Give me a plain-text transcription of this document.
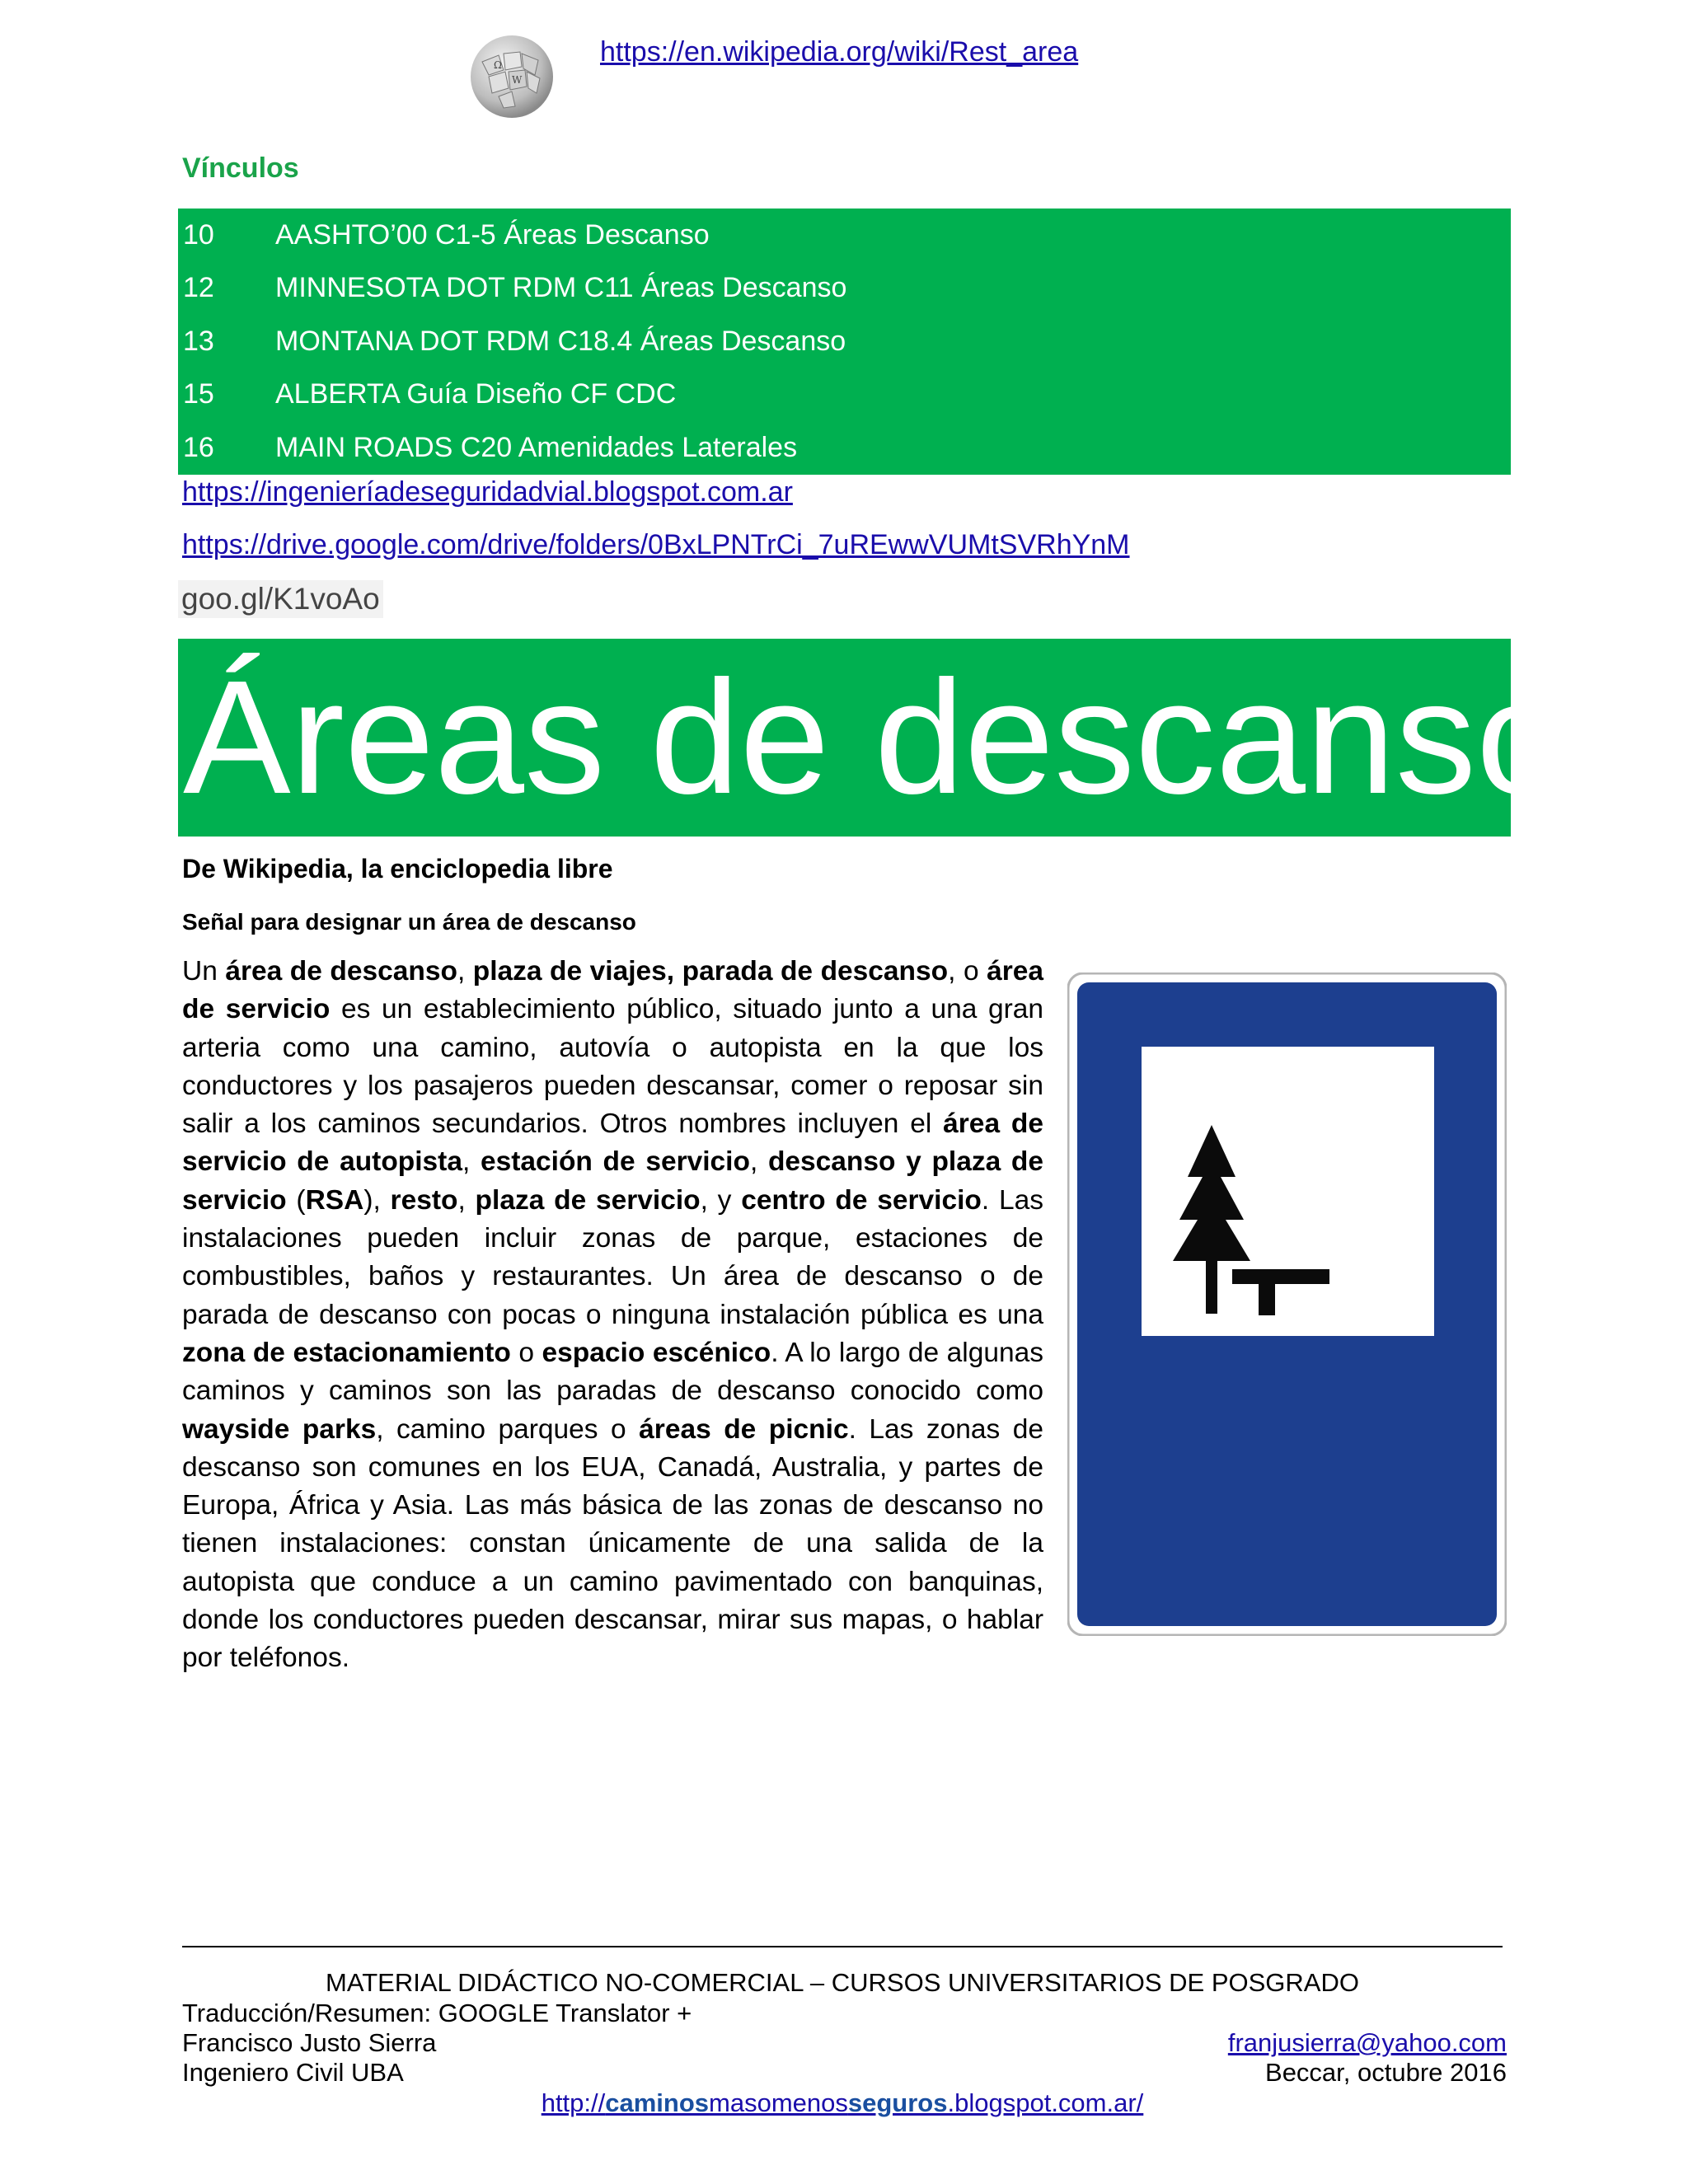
Ω
W
https://en.wikipedia.org/wiki/Rest_area
Vínculos
10	AASHTO’00 C1-5 Áreas Descanso
12	MINNESOTA DOT RDM C11 Áreas Descanso
13	MONTANA DOT RDM C18.4 Áreas Descanso
15	ALBERTA Guía Diseño CF CDC
16	MAIN ROADS C20 Amenidades Laterales
https://ingenieríadeseguridadvial.blogspot.com.ar
https://drive.google.com/drive/folders/0BxLPNTrCi_7uREwwVUMtSVRhYnM
goo.gl/K1voAo
Áreas de descanso
De Wikipedia, la enciclopedia libre
Señal para designar un área de descanso
Un área de descanso, plaza de viajes, parada de descanso, o área de servicio es un establecimiento público, situado junto a una gran arteria como una camino, autovía o autopista en la que los conductores y los pasajeros pueden descansar, comer o reposar sin salir a los caminos secundarios. Otros nombres incluyen el área de servicio de autopista, estación de servicio, descanso y plaza de servicio (RSA), resto, plaza de servicio, y centro de servicio. Las instalaciones pueden incluir zonas de parque, estaciones de combustibles, baños y restaurantes. Un área de descanso o de parada de descanso con pocas o ninguna instalación pública es una zona de estacionamiento o espacio escénico. A lo largo de algunas caminos y caminos son las paradas de descanso conocido como wayside parks, camino parques o áreas de picnic. Las zonas de descanso son comunes en los EUA, Canadá, Australia, y partes de Europa, África y Asia. Las más básica de las zonas de descanso no tienen instalaciones: constan únicamente de una salida de la autopista que conduce a un camino pavimentado con banquinas, donde los conductores pueden descansar, mirar sus mapas, o hablar por teléfonos.
MATERIAL DIDÁCTICO NO-COMERCIAL – CURSOS UNIVERSITARIOS DE POSGRADO
Traducción/Resumen: GOOGLE Translator +
Francisco Justo Sierra
Ingeniero Civil UBA
franjusierra@yahoo.com
Beccar, octubre 2016
http://caminosmasomenosseguros.blogspot.com.ar/
